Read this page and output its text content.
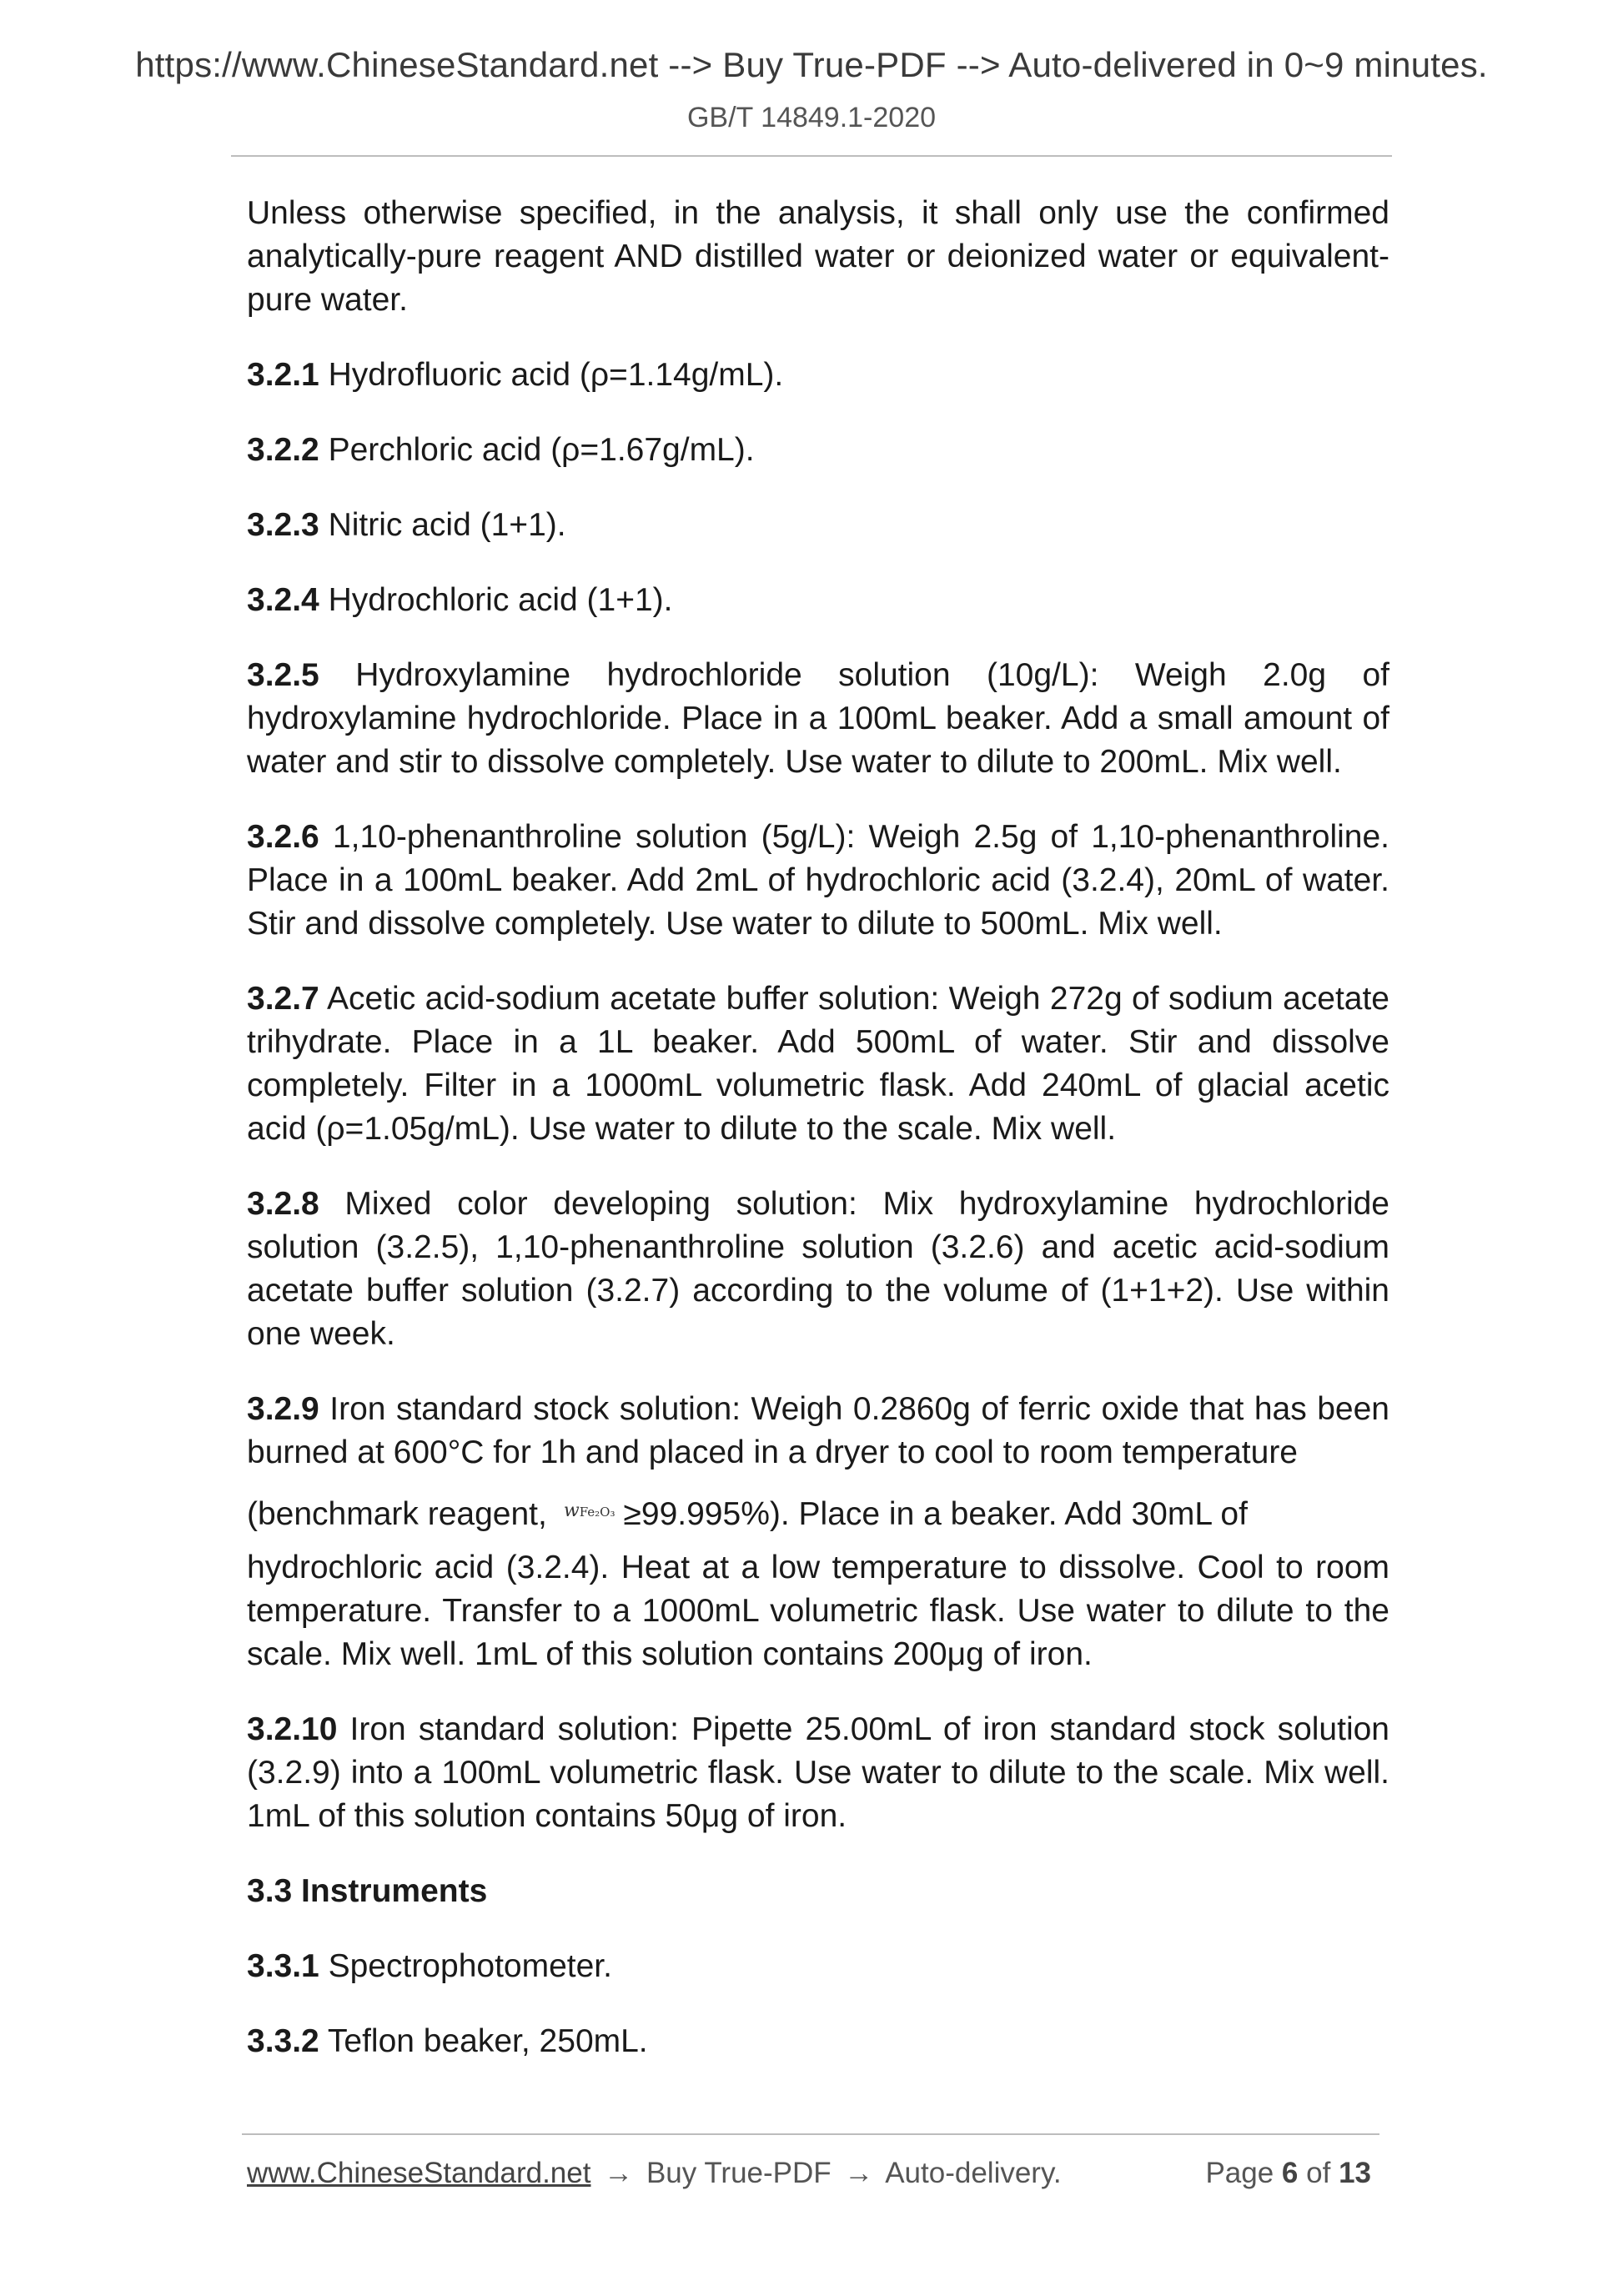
https://www.ChineseStandard.net --> Buy True-PDF --> Auto-delivered in 0~9 minutes.
GB/T 14849.1-2020

Unless otherwise specified, in the analysis, it shall only use the confirmed analytically-pure reagent AND distilled water or deionized water or equivalent-pure water.

3.2.1 Hydrofluoric acid (ρ=1.14g/mL).

3.2.2 Perchloric acid (ρ=1.67g/mL).

3.2.3 Nitric acid (1+1).

3.2.4 Hydrochloric acid (1+1).

3.2.5 Hydroxylamine hydrochloride solution (10g/L): Weigh 2.0g of hydroxylamine hydrochloride. Place in a 100mL beaker. Add a small amount of water and stir to dissolve completely. Use water to dilute to 200mL. Mix well.

3.2.6 1,10-phenanthroline solution (5g/L): Weigh 2.5g of 1,10-phenanthroline. Place in a 100mL beaker. Add 2mL of hydrochloric acid (3.2.4), 20mL of water. Stir and dissolve completely. Use water to dilute to 500mL. Mix well.

3.2.7 Acetic acid-sodium acetate buffer solution: Weigh 272g of sodium acetate trihydrate. Place in a 1L beaker. Add 500mL of water. Stir and dissolve completely. Filter in a 1000mL volumetric flask. Add 240mL of glacial acetic acid (ρ=1.05g/mL). Use water to dilute to the scale. Mix well.

3.2.8 Mixed color developing solution: Mix hydroxylamine hydrochloride solution (3.2.5), 1,10-phenanthroline solution (3.2.6) and acetic acid-sodium acetate buffer solution (3.2.7) according to the volume of (1+1+2). Use within one week.

3.2.9 Iron standard stock solution: Weigh 0.2860g of ferric oxide that has been burned at 600°C for 1h and placed in a dryer to cool to room temperature

(benchmark reagent, wFe₂O₃ ≥99.995%). Place in a beaker. Add 30mL of

hydrochloric acid (3.2.4). Heat at a low temperature to dissolve. Cool to room temperature. Transfer to a 1000mL volumetric flask. Use water to dilute to the scale. Mix well. 1mL of this solution contains 200μg of iron.

3.2.10 Iron standard solution: Pipette 25.00mL of iron standard stock solution (3.2.9) into a 100mL volumetric flask. Use water to dilute to the scale. Mix well. 1mL of this solution contains 50μg of iron.

3.3 Instruments

3.3.1 Spectrophotometer.

3.3.2 Teflon beaker, 250mL.

www.ChineseStandard.net → Buy True-PDF → Auto-delivery.	Page 6 of 13
